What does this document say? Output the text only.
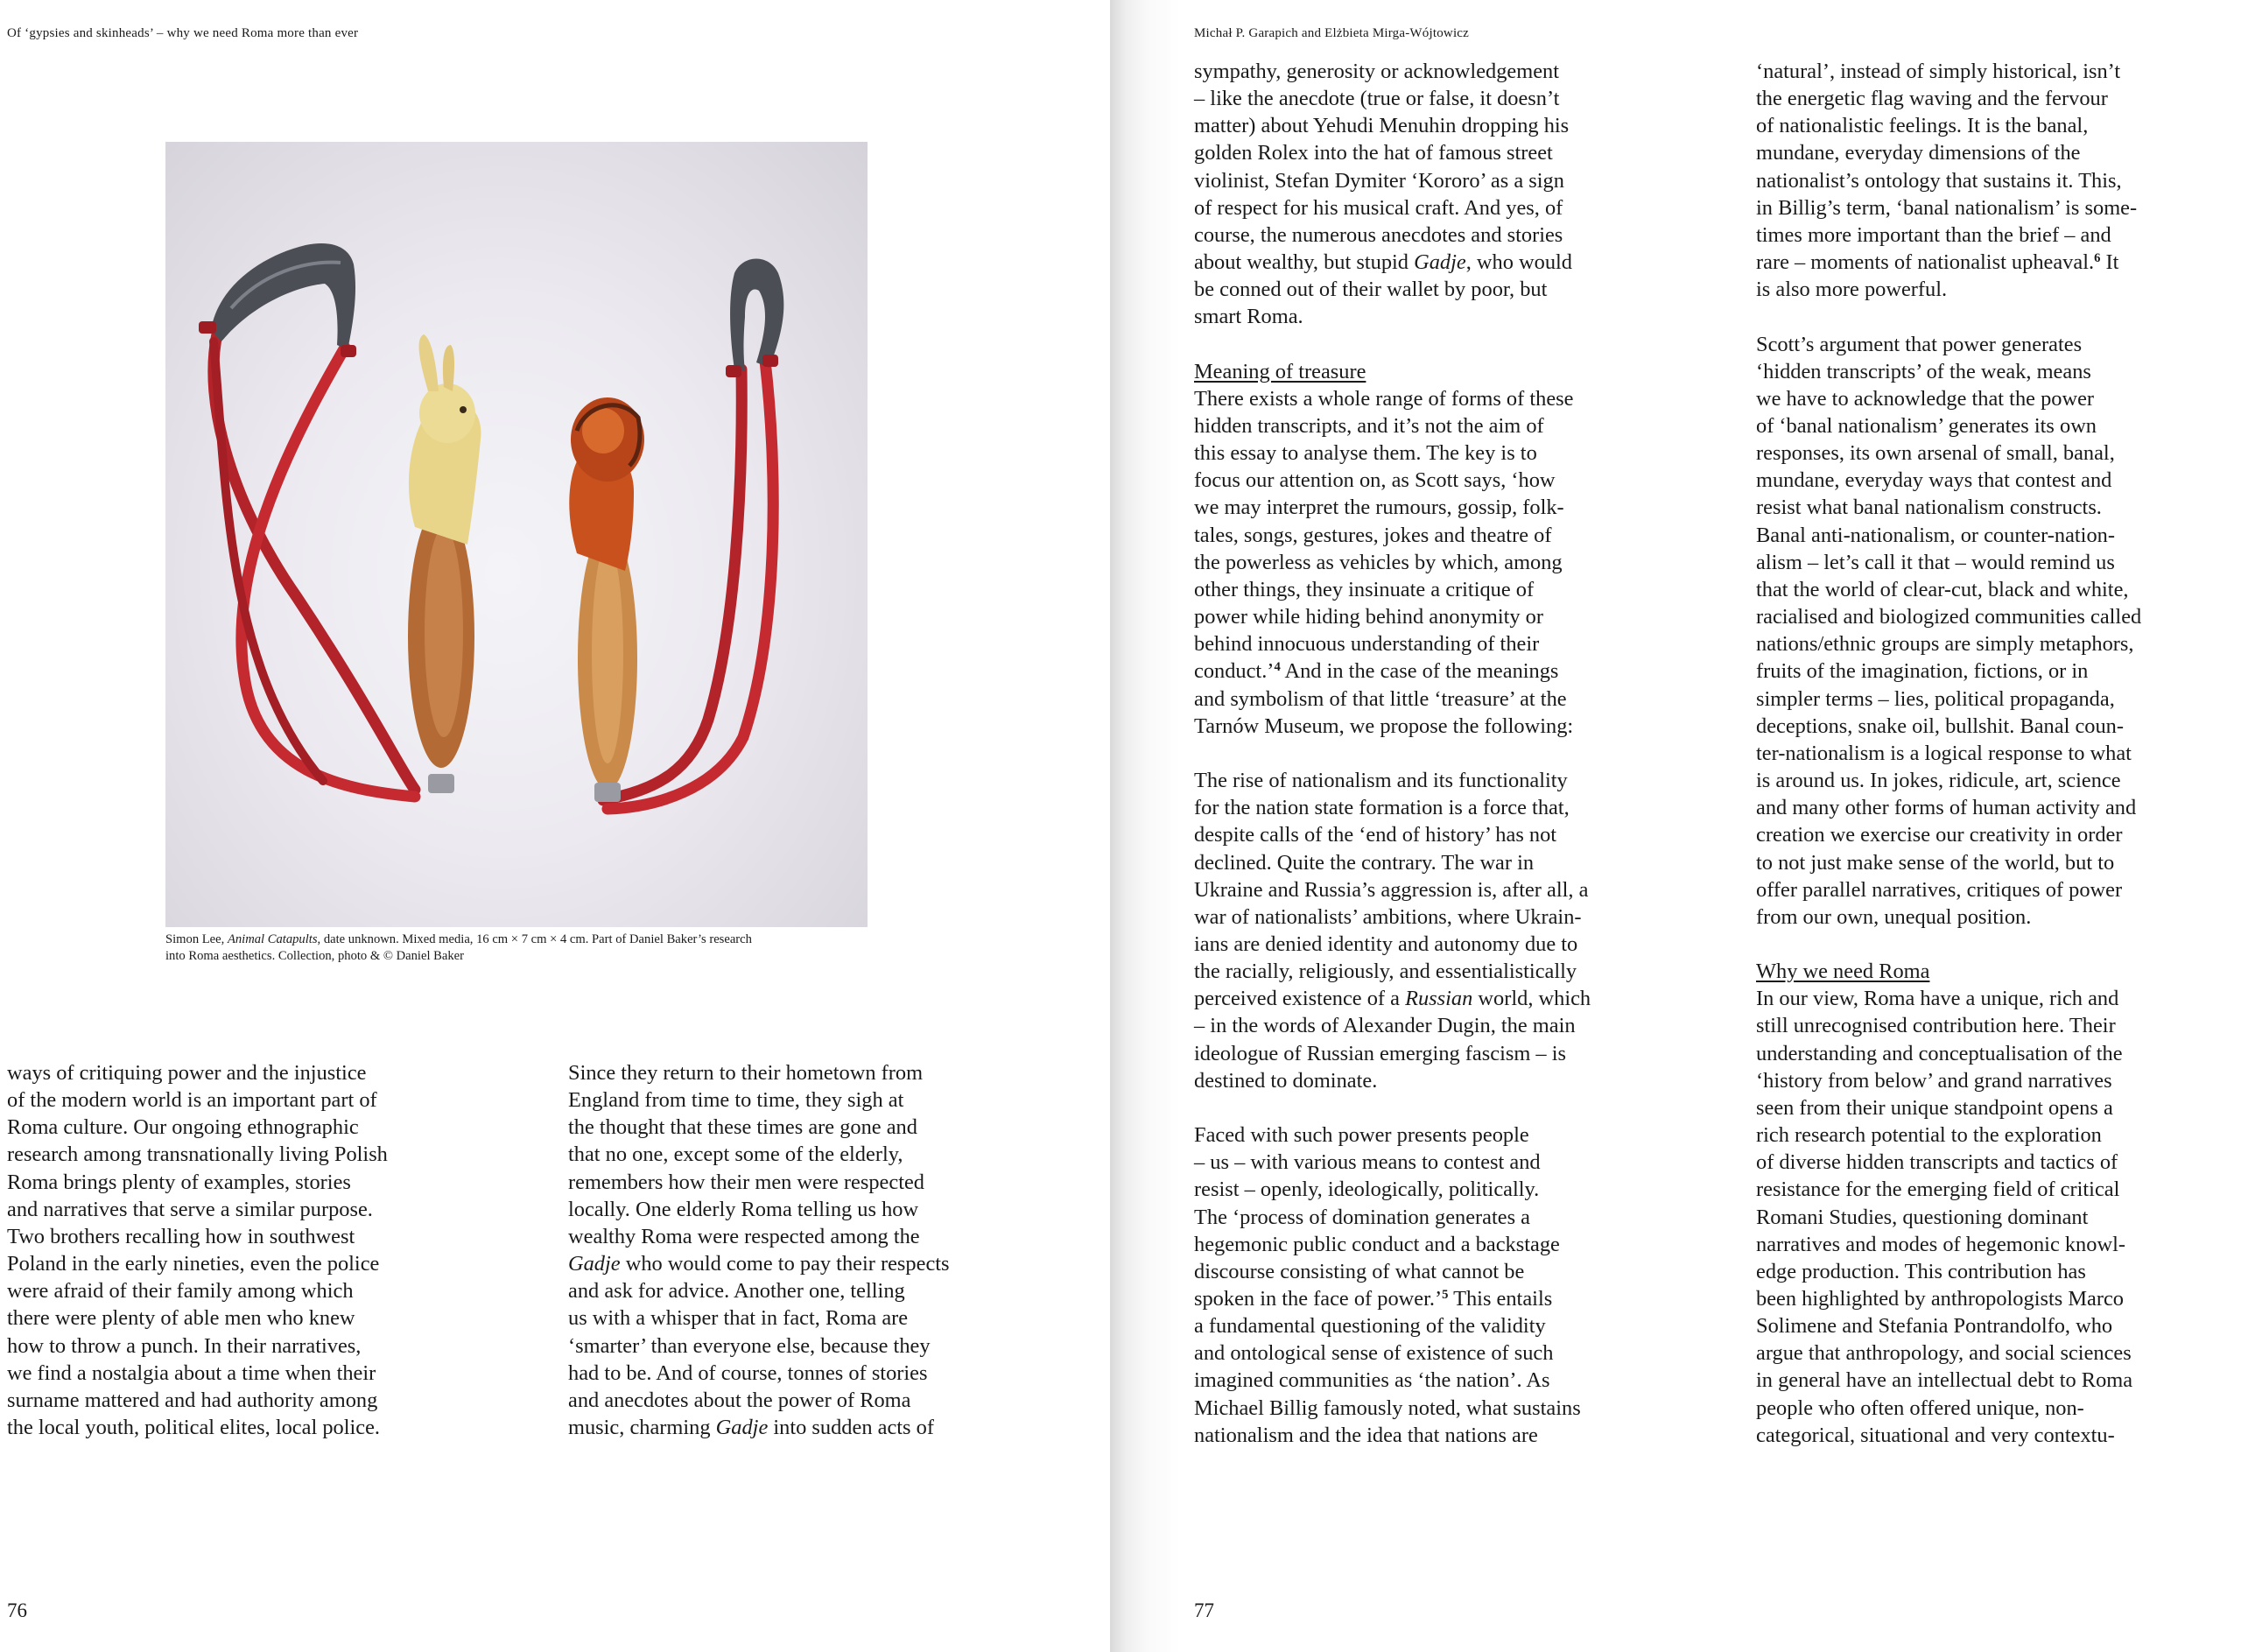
Of ‘gypsies and skinheads’ – why we need Roma more than ever
Simon Lee, Animal Catapults, date unknown. Mixed media, 16 cm × 7 cm × 4 cm. Part of Daniel Baker’s research
into Roma aesthetics. Collection, photo & © Daniel Baker
ways of critiquing power and the injustice
of the modern world is an important part of
Roma culture. Our ongoing ethnographic
research among transnationally living Polish
Roma brings plenty of examples, stories
and narratives that serve a similar purpose.
Two brothers recalling how in southwest
Poland in the early nineties, even the police
were afraid of their family among which
there were plenty of able men who knew
how to throw a punch. In their narratives,
we find a nostalgia about a time when their
surname mattered and had authority among
the local youth, political elites, local police.
Since they return to their hometown from
England from time to time, they sigh at
the thought that these times are gone and
that no one, except some of the elderly,
remembers how their men were respected
locally. One elderly Roma telling us how
wealthy Roma were respected among the
Gadje who would come to pay their respects
and ask for advice. Another one, telling
us with a whisper that in fact, Roma are
‘smarter’ than everyone else, because they
had to be. And of course, tonnes of stories
and anecdotes about the power of Roma
music, charming Gadje into sudden acts of
76
Michał P. Garapich and Elżbieta Mirga-Wójtowicz
sympathy, generosity or acknowledgement
– like the anecdote (true or false, it doesn’t
matter) about Yehudi Menuhin dropping his
golden Rolex into the hat of famous street
violinist, Stefan Dymiter ‘Kororo’ as a sign
of respect for his musical craft. And yes, of
course, the numerous anecdotes and stories
about wealthy, but stupid Gadje, who would
be conned out of their wallet by poor, but
smart Roma.
Meaning of treasure
There exists a whole range of forms of these
hidden transcripts, and it’s not the aim of
this essay to analyse them. The key is to
focus our attention on, as Scott says, ‘how
we may interpret the rumours, gossip, folk-
tales, songs, gestures, jokes and theatre of
the powerless as vehicles by which, among
other things, they insinuate a critique of
power while hiding behind anonymity or
behind innocuous understanding of their
conduct.’$^4$ And in the case of the meanings
and symbolism of that little ‘treasure’ at the
Tarnów Museum, we propose the following:
The rise of nationalism and its functionality
for the nation state formation is a force that,
despite calls of the ‘end of history’ has not
declined. Quite the contrary. The war in
Ukraine and Russia’s aggression is, after all, a
war of nationalists’ ambitions, where Ukrain-
ians are denied identity and autonomy due to
the racially, religiously, and essentialistically
perceived existence of a Russian world, which
– in the words of Alexander Dugin, the main
ideologue of Russian emerging fascism – is
destined to dominate.
Faced with such power presents people
– us – with various means to contest and
resist – openly, ideologically, politically.
The ‘process of domination generates a
hegemonic public conduct and a backstage
discourse consisting of what cannot be
spoken in the face of power.’$^5$ This entails
a fundamental questioning of the validity
and ontological sense of existence of such
imagined communities as ‘the nation’. As
Michael Billig famously noted, what sustains
nationalism and the idea that nations are
‘natural’, instead of simply historical, isn’t
the energetic flag waving and the fervour
of nationalistic feelings. It is the banal,
mundane, everyday dimensions of the
nationalist’s ontology that sustains it. This,
in Billig’s term, ‘banal nationalism’ is some-
times more important than the brief – and
rare – moments of nationalist upheaval.$^6$ It
is also more powerful.
Scott’s argument that power generates
‘hidden transcripts’ of the weak, means
we have to acknowledge that the power
of ‘banal nationalism’ generates its own
responses, its own arsenal of small, banal,
mundane, everyday ways that contest and
resist what banal nationalism constructs.
Banal anti-nationalism, or counter-nation-
alism – let’s call it that – would remind us
that the world of clear-cut, black and white,
racialised and biologized communities called
nations/ethnic groups are simply metaphors,
fruits of the imagination, fictions, or in
simpler terms – lies, political propaganda,
deceptions, snake oil, bullshit. Banal coun-
ter-nationalism is a logical response to what
is around us. In jokes, ridicule, art, science
and many other forms of human activity and
creation we exercise our creativity in order
to not just make sense of the world, but to
offer parallel narratives, critiques of power
from our own, unequal position.
Why we need Roma
In our view, Roma have a unique, rich and
still unrecognised contribution here. Their
understanding and conceptualisation of the
‘history from below’ and grand narratives
seen from their unique standpoint opens a
rich research potential to the exploration
of diverse hidden transcripts and tactics of
resistance for the emerging field of critical
Romani Studies, questioning dominant
narratives and modes of hegemonic knowl-
edge production. This contribution has
been highlighted by anthropologists Marco
Solimene and Stefania Pontrandolfo, who
argue that anthropology, and social sciences
in general have an intellectual debt to Roma
people who often offered unique, non-
categorical, situational and very contextu-
77
